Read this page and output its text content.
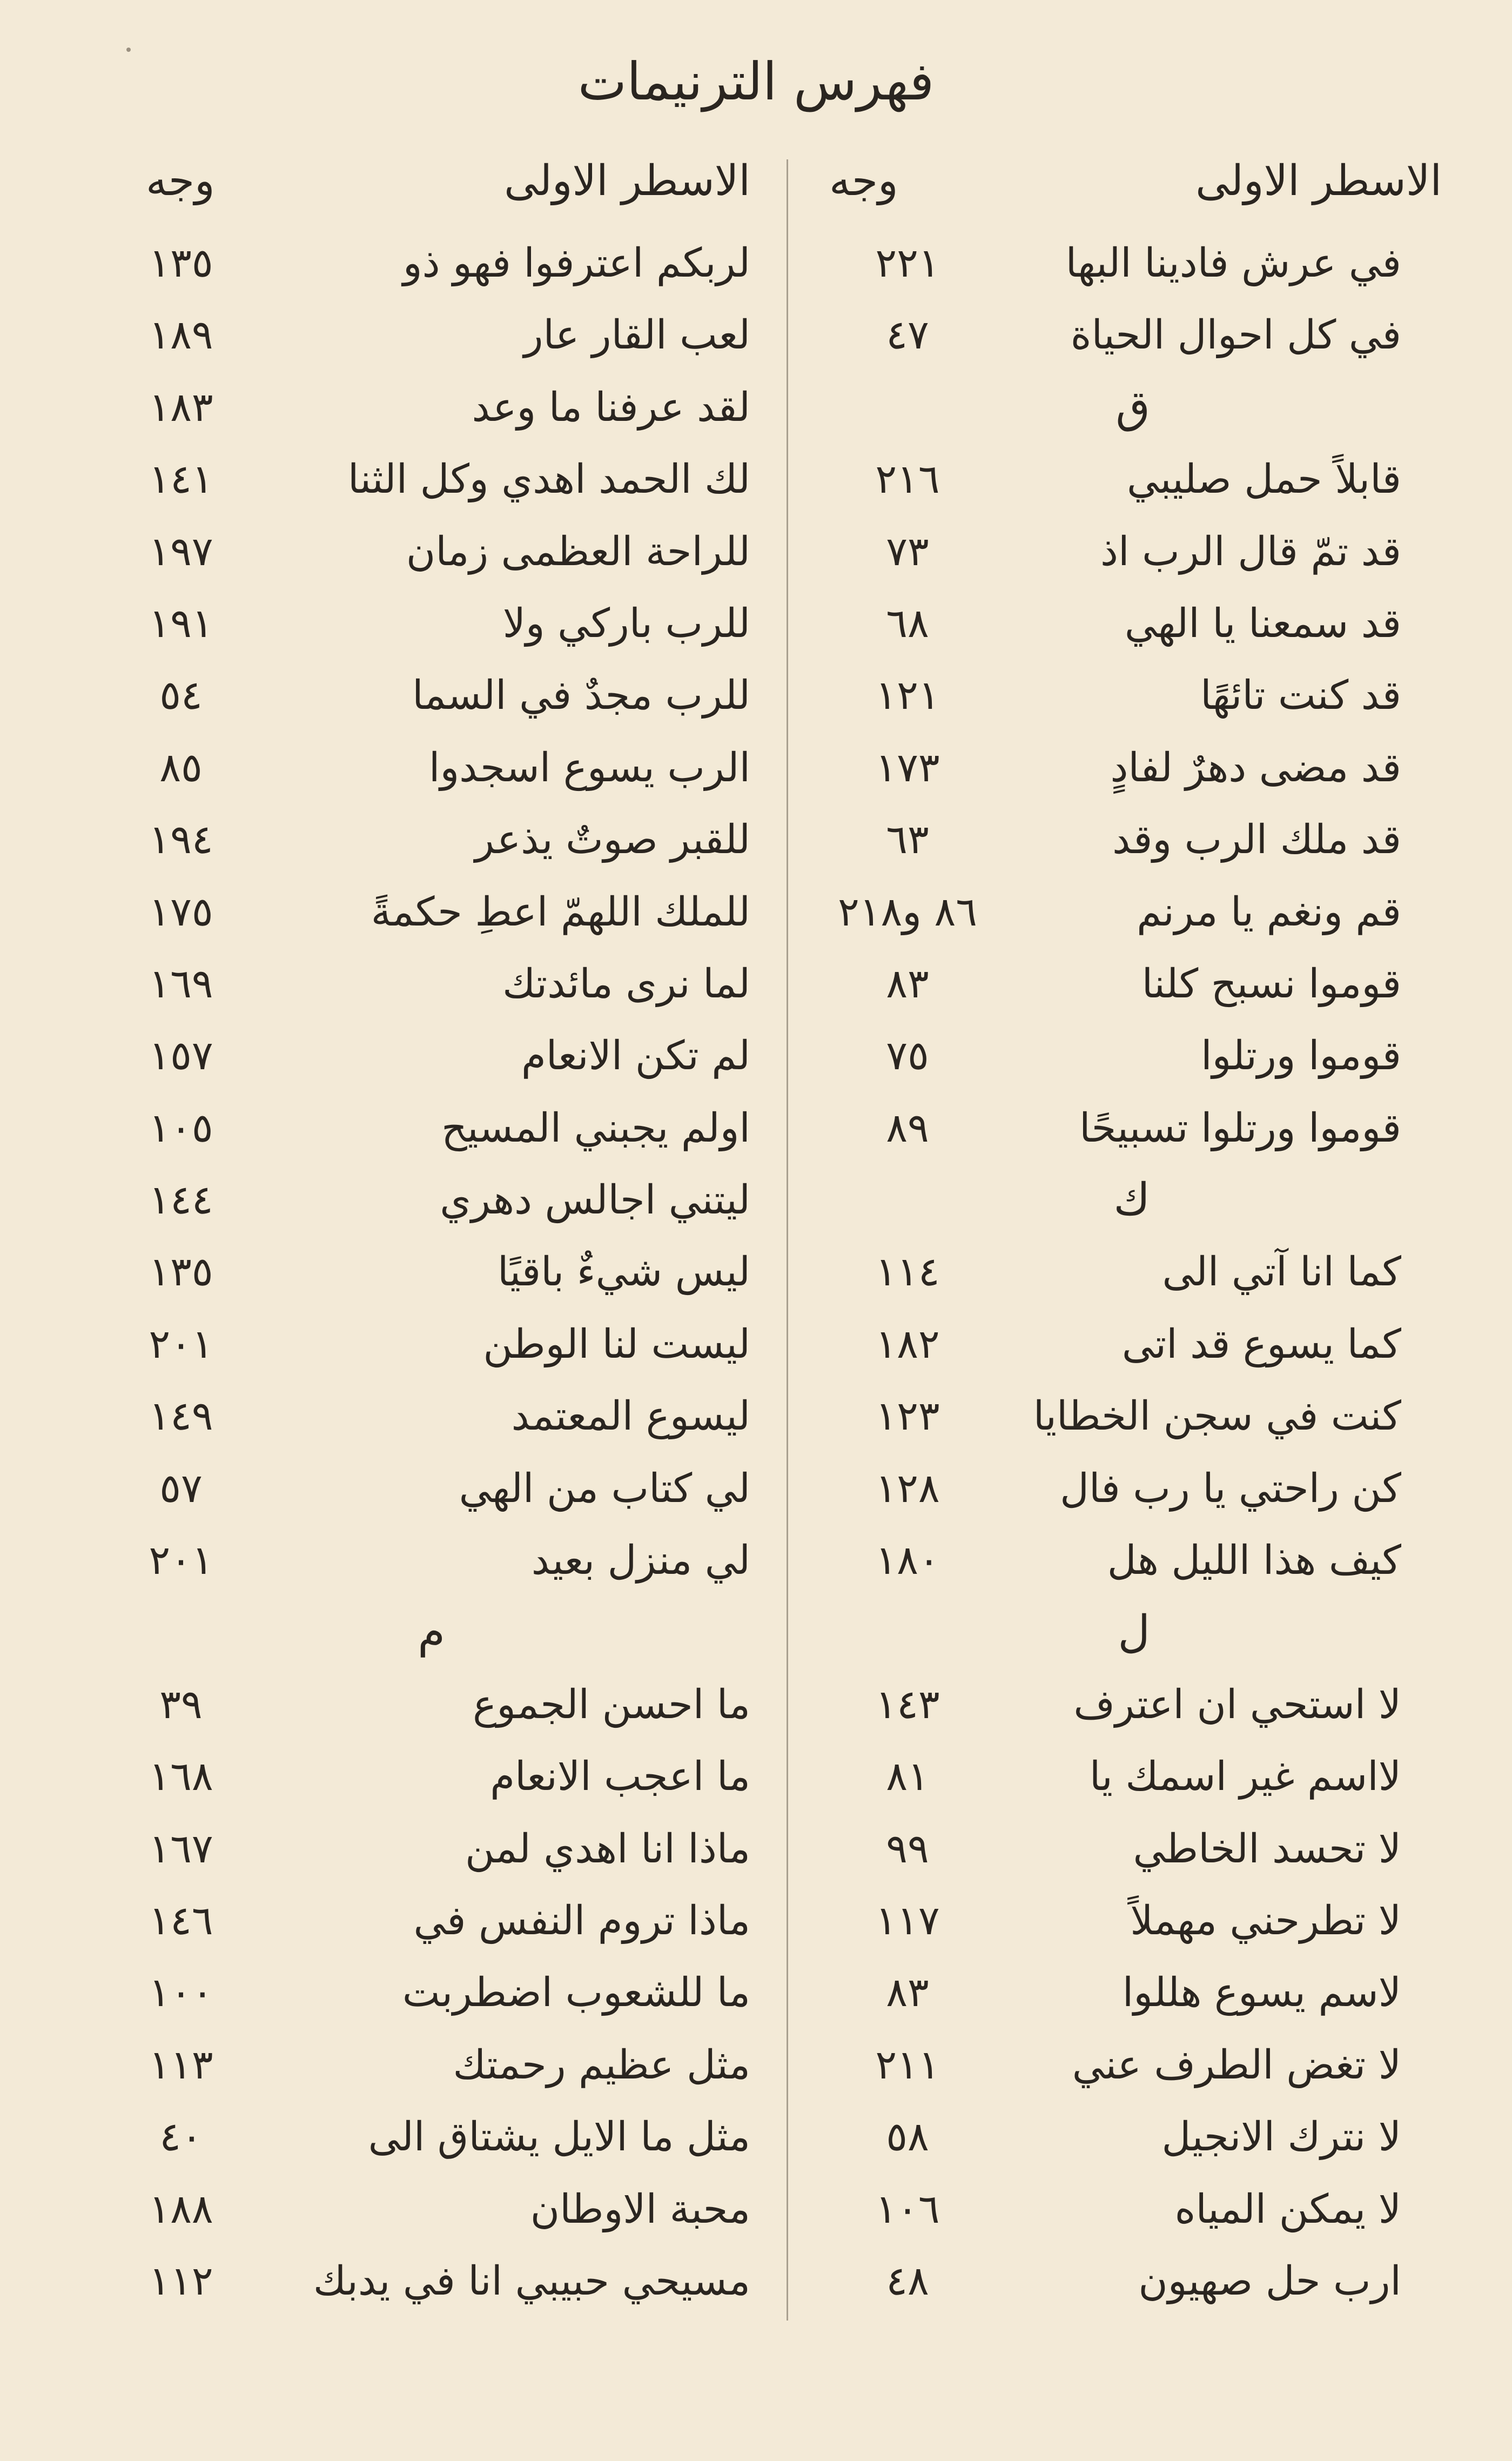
فهرس الترنيمات
الاسطر الاولى
وجه
الاسطر الاولى
وجه
في عرش فادينا البها
٢٢١
لربكم اعترفوا فهو ذو
١٣٥
في كل احوال الحياة
٤٧
لعب القار عار
١٨٩
ق
لقد عرفنا ما وعد
١٨٣
قابلاً حمل صليبي
٢١٦
لك الحمد اهدي وكل الثنا
١٤١
قد تمّ قال الرب اذ
٧٣
للراحة العظمى زمان
١٩٧
قد سمعنا يا الهي
٦٨
للرب باركي ولا
١٩١
قد كنت تائهًا
١٢١
للرب مجدٌ في السما
٥٤
قد مضى دهرٌ لفادٍ
١٧٣
الرب يسوع اسجدوا
٨٥
قد ملك الرب وقد
٦٣
للقبر صوتٌ يذعر
١٩٤
قم ونغم يا مرنم
٨٦ و٢١٨
للملك اللهمّ اعطِ حكمةً
١٧٥
قوموا نسبح كلنا
٨٣
لما نرى مائدتك
١٦٩
قوموا ورتلوا
٧٥
لم تكن الانعام
١٥٧
قوموا ورتلوا تسبيحًا
٨٩
اولم يجبني المسيح
١٠٥
ك
ليتني اجالس دهري
١٤٤
كما انا آتي الى
١١٤
ليس شيءٌ باقيًا
١٣٥
كما يسوع قد اتى
١٨٢
ليست لنا الوطن
٢٠١
كنت في سجن الخطايا
١٢٣
ليسوع المعتمد
١٤٩
كن راحتي يا رب فال
١٢٨
لي كتاب من الهي
٥٧
كيف هذا الليل هل
١٨٠
لي منزل بعيد
٢٠١
ل
م
لا استحي ان اعترف
١٤٣
ما احسن الجموع
٣٩
لااسم غير اسمك يا
٨١
ما اعجب الانعام
١٦٨
لا تحسد الخاطي
٩٩
ماذا انا اهدي لمن
١٦٧
لا تطرحني مهملاً
١١٧
ماذا تروم النفس في
١٤٦
لاسم يسوع هللوا
٨٣
ما للشعوب اضطربت
١٠٠
لا تغض الطرف عني
٢١١
مثل عظيم رحمتك
١١٣
لا نترك الانجيل
٥٨
مثل ما الايل يشتاق الى
٤٠
لا يمكن المياه
١٠٦
محبة الاوطان
١٨٨
ارب حل صهيون
٤٨
مسيحي حبيبي انا في يدبك
١١٢
